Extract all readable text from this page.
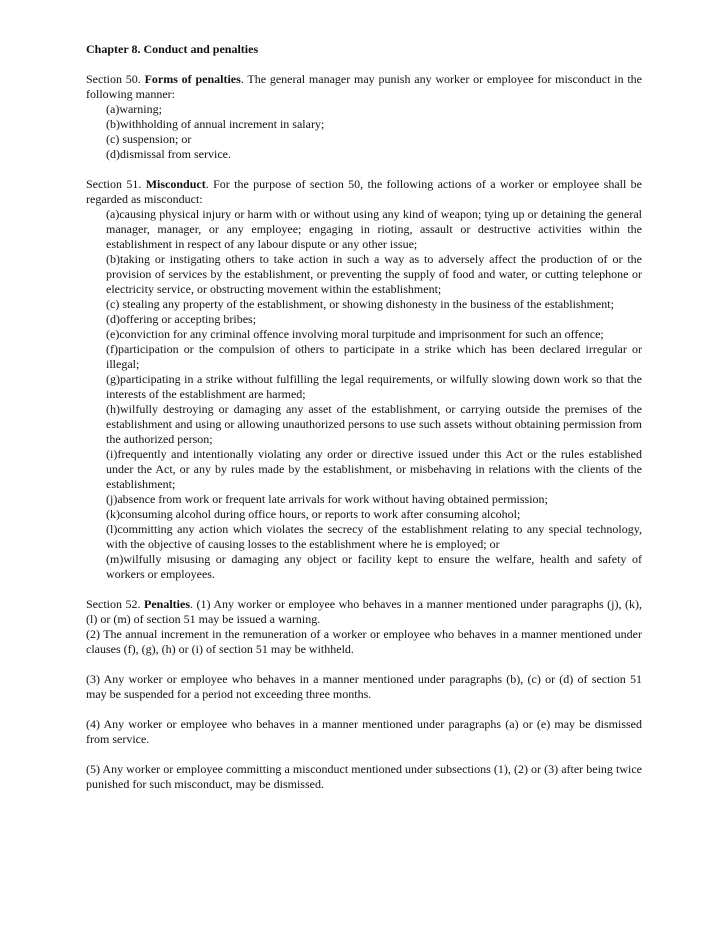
Chapter 8. Conduct and penalties
Section 50. Forms of penalties. The general manager may punish any worker or employee for misconduct in the following manner:
(a)warning;
(b)withholding of annual increment in salary;
(c) suspension; or
(d)dismissal from service.
Section 51. Misconduct. For the purpose of section 50, the following actions of a worker or employee shall be regarded as misconduct:
(a)causing physical injury or harm with or without using any kind of weapon; tying up or detaining the general manager, manager, or any employee; engaging in rioting, assault or destructive activities within the establishment in respect of any labour dispute or any other issue;
(b)taking or instigating others to take action in such a way as to adversely affect the production of or the provision of services by the establishment, or preventing the supply of food and water, or cutting telephone or electricity service, or obstructing movement within the establishment;
(c) stealing any property of the establishment, or showing dishonesty in the business of the establishment;
(d)offering or accepting bribes;
(e)conviction for any criminal offence involving moral turpitude and imprisonment for such an offence;
(f)participation or the compulsion of others to participate in a strike which has been declared irregular or illegal;
(g)participating in a strike without fulfilling the legal requirements, or wilfully slowing down work so that the interests of the establishment are harmed;
(h)wilfully destroying or damaging any asset of the establishment, or carrying outside the premises of the establishment and using or allowing unauthorized persons to use such assets without obtaining permission from the authorized person;
(i)frequently and intentionally violating any order or directive issued under this Act or the rules established under the Act, or any by rules made by the establishment, or misbehaving in relations with the clients of the establishment;
(j)absence from work or frequent late arrivals for work without having obtained permission;
(k)consuming alcohol during office hours, or reports to work after consuming alcohol;
(l)committing any action which violates the secrecy of the establishment relating to any special technology, with the objective of causing losses to the establishment where he is employed; or
(m)wilfully misusing or damaging any object or facility kept to ensure the welfare, health and safety of workers or employees.
Section 52. Penalties. (1) Any worker or employee who behaves in a manner mentioned under paragraphs (j), (k), (l) or (m) of section 51 may be issued a warning.
(2) The annual increment in the remuneration of a worker or employee who behaves in a manner mentioned under clauses (f), (g), (h) or (i) of section 51 may be withheld.
(3) Any worker or employee who behaves in a manner mentioned under paragraphs (b), (c) or (d) of section 51 may be suspended for a period not exceeding three months.
(4) Any worker or employee who behaves in a manner mentioned under paragraphs (a) or (e) may be dismissed from service.
(5) Any worker or employee committing a misconduct mentioned under subsections (1), (2) or (3) after being twice punished for such misconduct, may be dismissed.
